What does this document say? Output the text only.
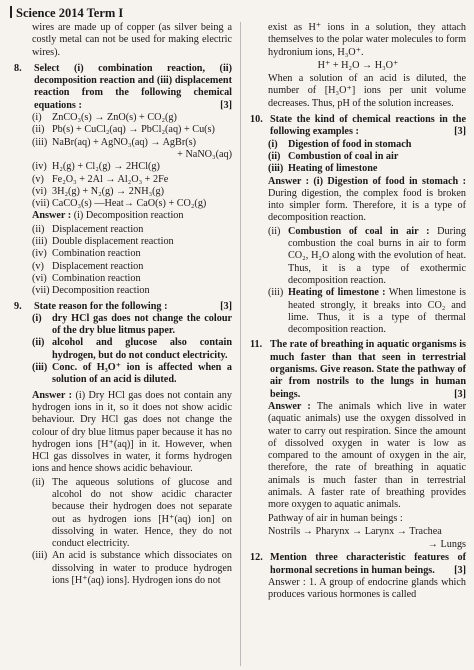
Science 2014 Term I

wires are made up of copper (as silver being a costly metal can not be used for making electric wires).

8.	Select (i) combination reaction, (ii) decomposition reaction and (iii) displacement reaction from the following chemical equations :	[3]
(i)	ZnCO₃(s) → ZnO(s) + CO₂(g)
(ii) Pb(s) + CuCl₂(aq) → PbCl₂(aq) + Cu(s)
(iii) NaBr(aq) + AgNO₃(aq) → AgBr(s)
+ NaNO₃(aq)
(iv) H₂(g) + Cl₂(g) → 2HCl(g)
(v) Fe₂O₃ + 2Al → Al₂O₃ + 2Fe
(vi) 3H₂(g) + N₂(g) → 2NH₃(g)
(vii) CaCO₃(s) —Heat→ CaO(s) + CO₂(g)

Answer : (i) Decomposition reaction

(ii) Displacement reaction
(iii) Double displacement reaction
(iv) Combination reaction
(v) Displacement reaction
(vi) Combination reaction
(vii) Decomposition reaction
9.	State reason for the following :	[3]
(i)	dry HCl gas does not change the colour of the dry blue litmus paper.
(ii) alcohol and glucose also contain hydrogen, but do not conduct electricity.
(iii) Conc. of H₃O⁺ ion is affected when a solution of an acid is diluted.

Answer : (i) Dry HCl gas does not contain any hydrogen ions in it, so it does not show acidic behaviour. Dry HCl gas does not change the colour of dry blue litmus paper because it has no hydrogen ions [H⁺(aq)] in it. However, when HCl gas dissolves in water, it forms hydrogen ions and hence shows acidic behaviour.

(ii) The aqueous solutions of glucose and alcohol do not show acidic character because their hydrogen does not separate out as hydrogen ions [H⁺(aq) ion] on dissolving in water. Hence, they do not conduct electricity.
(iii) An acid is substance which dissociates on dissolving in water to produce hydrogen ions [H⁺(aq) ions]. Hydrogen ions do not

exist as H⁺ ions in a solution, they attach themselves to the polar water molecules to form hydronium ions, H₃O⁺.

H⁺ + H₂O → H₃O⁺

When a solution of an acid is diluted, the number of [H₃O⁺] ions per unit volume decreases. Thus, pH of the solution increases.

10. State the kind of chemical reactions in the following examples :	[3]
(i)	Digestion of food in stomach
(ii) Combustion of coal in air
(iii) Heating of limestone

Answer : (i) Digestion of food in stomach : During digestion, the complex food is broken into simpler form. Therefore, it is a type of decomposition reaction.

(ii) Combustion of coal in air : During combustion the coal burns in air to form CO₂, H₂O along with the evolution of heat. Thus, it is a type of exothermic decomposition reaction.
(iii) Heating of limestone : When limestone is heated strongly, it breaks into CO₂ and lime. Thus, it is a type of thermal decomposition reaction.
11. The rate of breathing in aquatic organisms is much faster than that seen in terrestrial organisms. Give reason. State the pathway of air from nostrils to the lungs in human beings.	[3]

Answer : The animals which live in water (aquatic animals) use the oxygen dissolved in water to carry out respiration. Since the amount of dissolved oxygen in water is low as compared to the amount of oxygen in the air, therefore, the rate of breathing in aquatic animals is much faster than in terrestrial animals. A faster rate of breathing provides more oxygen to aquatic animals.

Pathway of air in human beings :

Nostrils → Pharynx → Larynx → Trachea

→ Lungs

12. Mention three characteristic features of hormonal secretions in human beings. [3]

Answer : 1. A group of endocrine glands which produces various hormones is called
